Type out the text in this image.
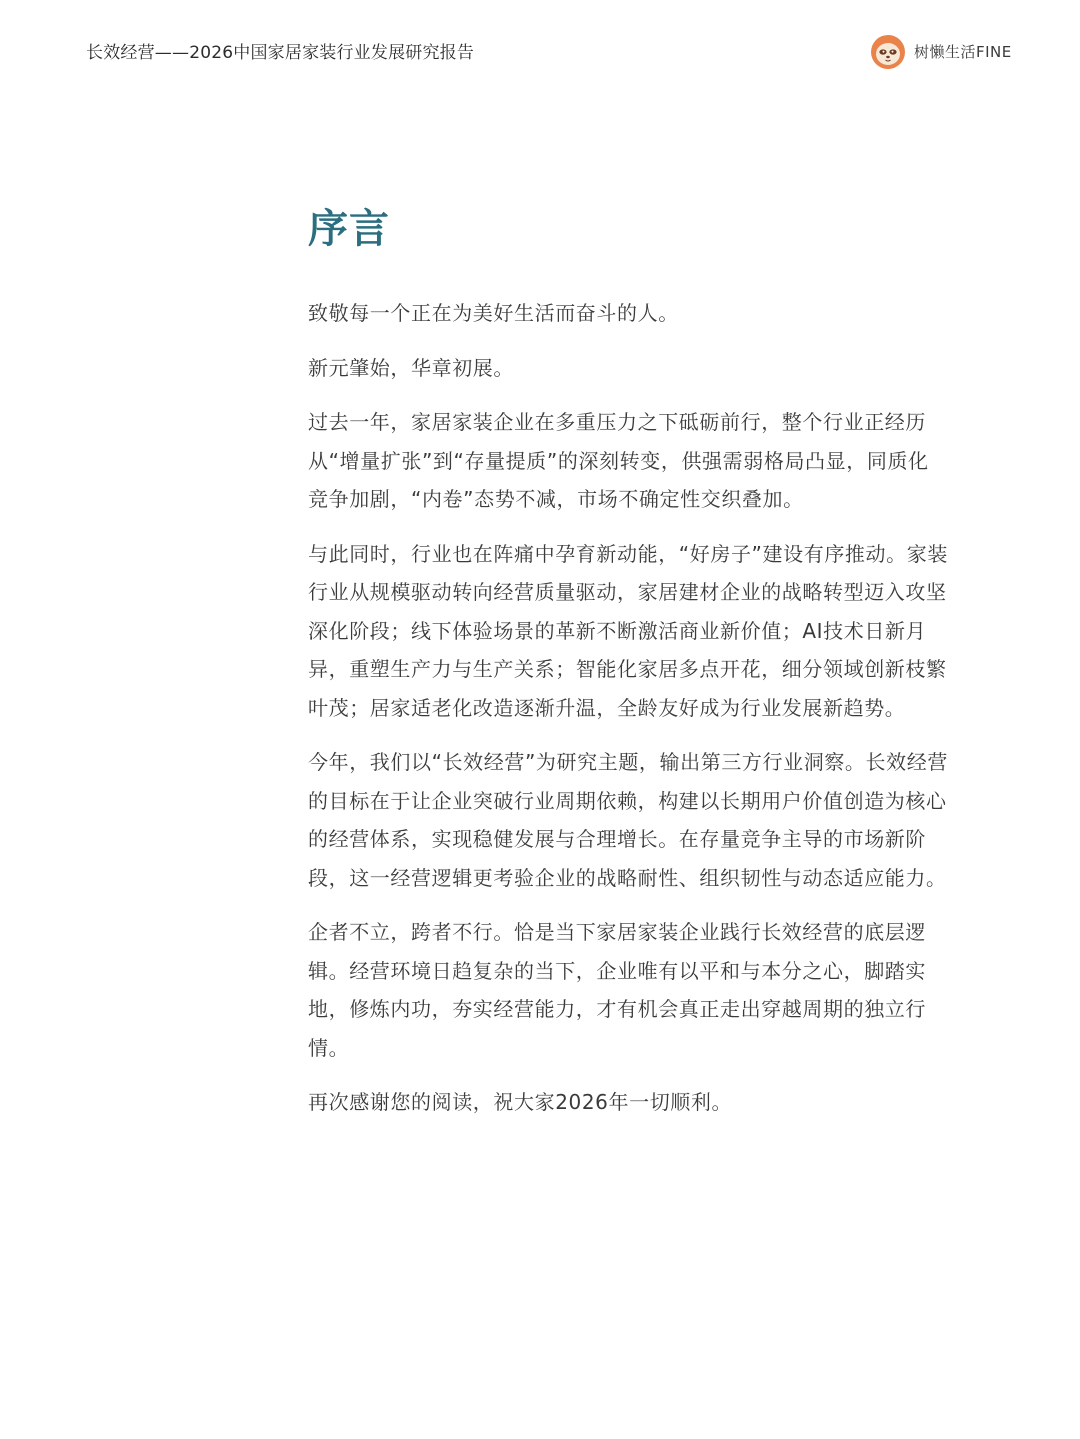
长效经营——2026中国家居家装行业发展研究报告	树懒生活FINE
序言

致敬每一个正在为美好生活而奋斗的人。

新元肇始，华章初展。

过去一年，家居家装企业在多重压力之下砥砺前行，整个行业正经历从“增量扩张”到“存量提质”的深刻转变，供强需弱格局凸显，同质化竞争加剧，“内卷”态势不减，市场不确定性交织叠加。

与此同时，行业也在阵痛中孕育新动能，“好房子”建设有序推动。家装行业从规模驱动转向经营质量驱动，家居建材企业的战略转型迈入攻坚深化阶段；线下体验场景的革新不断激活商业新价值；AI技术日新月异，重塑生产力与生产关系；智能化家居多点开花，细分领域创新枝繁叶茂；居家适老化改造逐渐升温，全龄友好成为行业发展新趋势。

今年，我们以“长效经营”为研究主题，输出第三方行业洞察。长效经营的目标在于让企业突破行业周期依赖，构建以长期用户价值创造为核心的经营体系，实现稳健发展与合理增长。在存量竞争主导的市场新阶段，这一经营逻辑更考验企业的战略耐性、组织韧性与动态适应能力。

企者不立，跨者不行。恰是当下家居家装企业践行长效经营的底层逻辑。经营环境日趋复杂的当下，企业唯有以平和与本分之心，脚踏实地，修炼内功，夯实经营能力，才有机会真正走出穿越周期的独立行情。

再次感谢您的阅读，祝大家2026年一切顺利。
